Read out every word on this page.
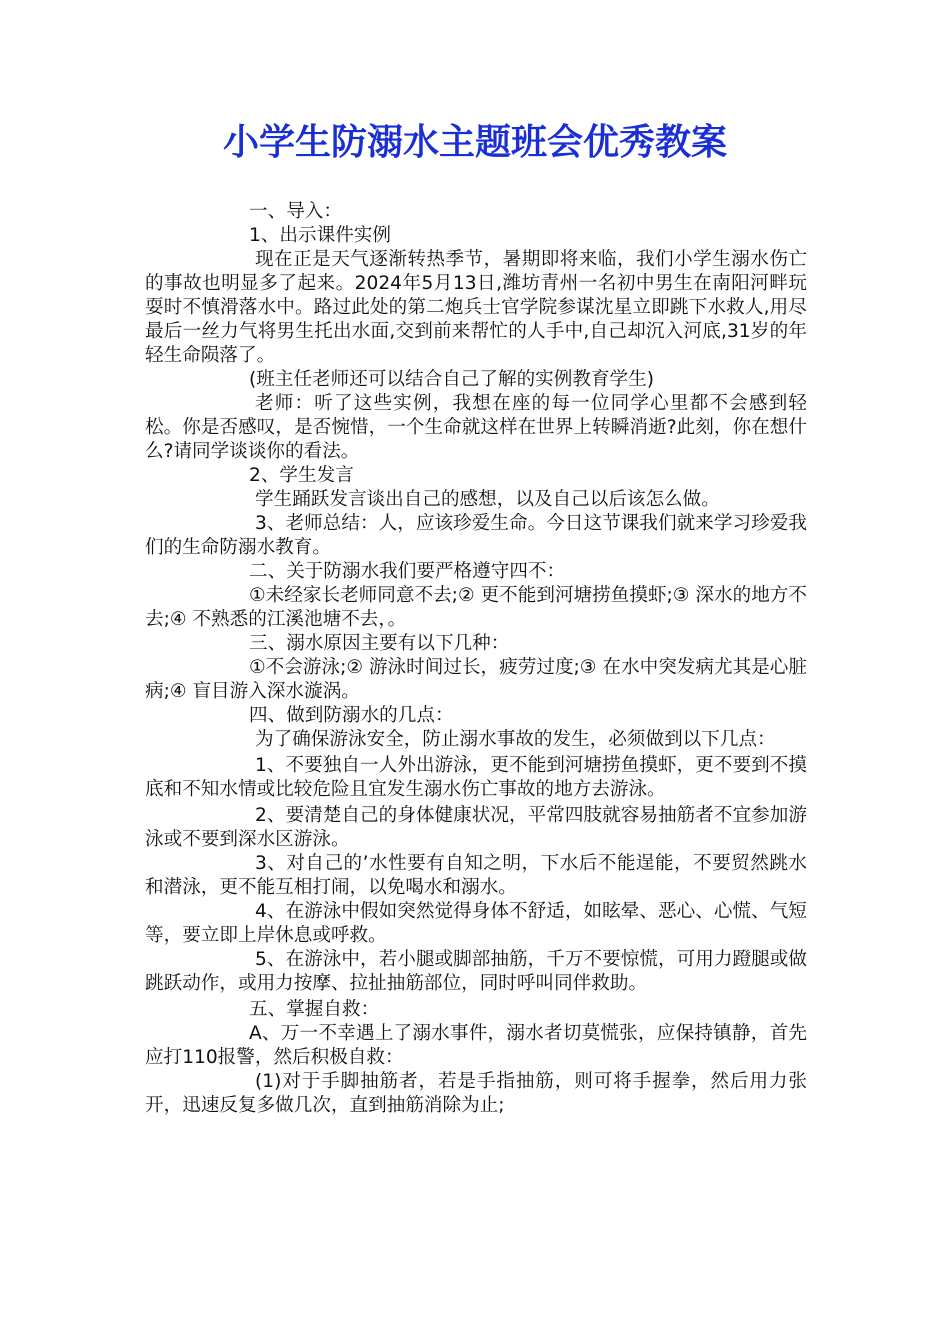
小学生防溺水主题班会优秀教案

一、导入：

1、出示课件实例

现在正是天气逐渐转热季节，暑期即将来临，我们小学生溺水伤亡的事故也明显多了起来。2024年5月13日,潍坊青州一名初中男生在南阳河畔玩耍时不慎滑落水中。路过此处的第二炮兵士官学院参谋沈星立即跳下水救人,用尽最后一丝力气将男生托出水面,交到前来帮忙的人手中,自己却沉入河底,31岁的年轻生命陨落了。

(班主任老师还可以结合自己了解的实例教育学生)

老师：听了这些实例，我想在座的每一位同学心里都不会感到轻松。你是否感叹，是否惋惜，一个生命就这样在世界上转瞬消逝?此刻，你在想什么?请同学谈谈你的看法。

2、学生发言

学生踊跃发言谈出自己的感想，以及自己以后该怎么做。

3、老师总结：人，应该珍爱生命。今日这节课我们就来学习珍爱我们的生命防溺水教育。

二、关于防溺水我们要严格遵守四不：

①未经家长老师同意不去;② 更不能到河塘捞鱼摸虾;③ 深水的地方不去;④ 不熟悉的江溪池塘不去，。

三、溺水原因主要有以下几种：

①不会游泳;② 游泳时间过长，疲劳过度;③ 在水中突发病尤其是心脏病;④ 盲目游入深水漩涡。

四、做到防溺水的几点：

为了确保游泳安全，防止溺水事故的发生，必须做到以下几点：

1、不要独自一人外出游泳，更不能到河塘捞鱼摸虾，更不要到不摸底和不知水情或比较危险且宜发生溺水伤亡事故的地方去游泳。

2、要清楚自己的身体健康状况，平常四肢就容易抽筋者不宜参加游泳或不要到深水区游泳。

3、对自己的’水性要有自知之明，下水后不能逞能，不要贸然跳水和潜泳，更不能互相打闹，以免喝水和溺水。

4、在游泳中假如突然觉得身体不舒适，如眩晕、恶心、心慌、气短等，要立即上岸休息或呼救。

5、在游泳中，若小腿或脚部抽筋，千万不要惊慌，可用力蹬腿或做跳跃动作，或用力按摩、拉扯抽筋部位，同时呼叫同伴救助。

五、掌握自救：

A、万一不幸遇上了溺水事件，溺水者切莫慌张，应保持镇静，首先应打110报警，然后积极自救：

(1)对于手脚抽筋者，若是手指抽筋，则可将手握拳，然后用力张开，迅速反复多做几次，直到抽筋消除为止;
